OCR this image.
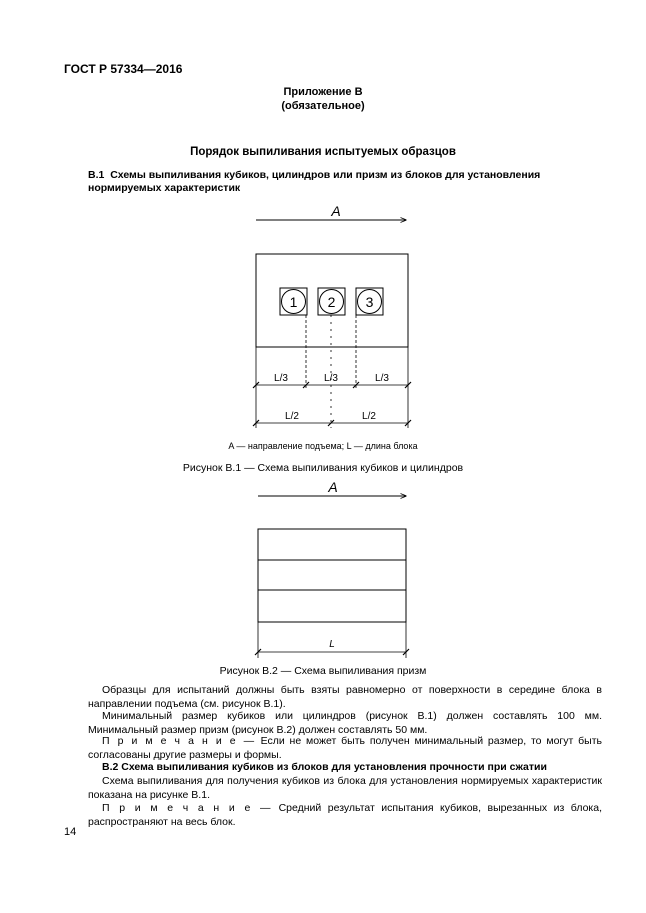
ГОСТ Р 57334—2016
Приложение В
(обязательное)
Порядок выпиливания испытуемых образцов
В.1 Схемы выпиливания кубиков, цилиндров или призм из блоков для установления нормируемых характеристик
A
1 2 3
L/3	L/3	L/3
L/2	L/2
A
L
A — направление подъема; L — длина блока
Рисунок В.1 — Схема выпиливания кубиков и цилиндров
Рисунок В.2 — Схема выпиливания призм
Образцы для испытаний должны быть взяты равномерно от поверхности в середине блока в направлении подъема (см. рисунок В.1).
Минимальный размер кубиков или цилиндров (рисунок В.1) должен составлять 100 мм. Минимальный размер призм (рисунок В.2) должен составлять 50 мм.
П р и м е ч а н и е — Если не может быть получен минимальный размер, то могут быть согласованы другие размеры и формы.
В.2 Схема выпиливания кубиков из блоков для установления прочности при сжатии
Схема выпиливания для получения кубиков из блока для установления нормируемых характеристик показана на рисунке В.1.
П р и м е ч а н и е — Средний результат испытания кубиков, вырезанных из блока, распространяют на весь блок.
14
